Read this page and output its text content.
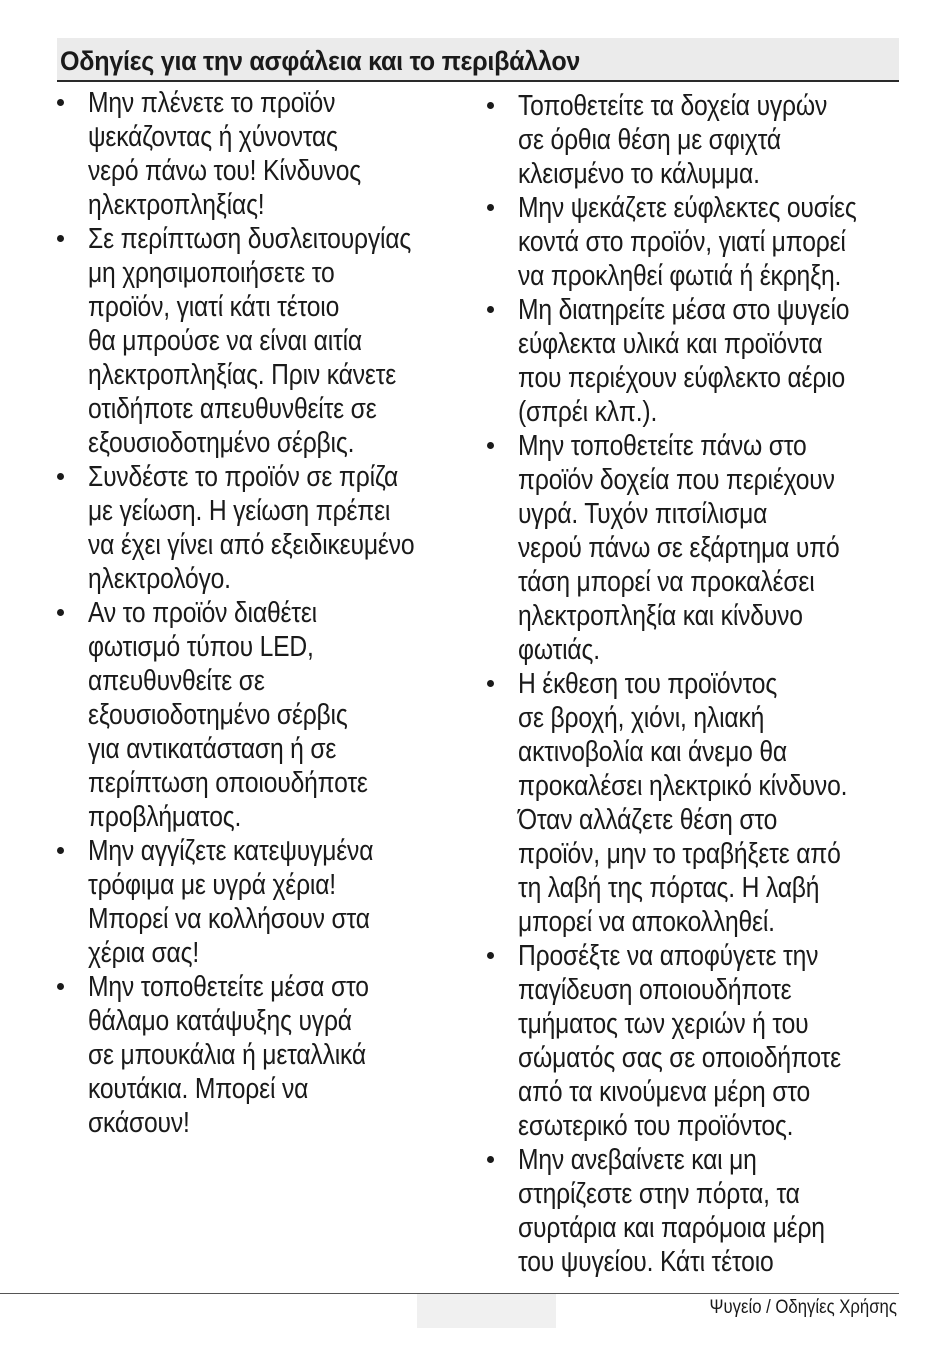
Οδηγίες για την ασφάλεια και το περιβάλλον
Μην πλένετε το προϊόν
ψεκάζοντας ή χύνοντας
νερό πάνω του! Κίνδυνος
ηλεκτροπληξίας!
Σε περίπτωση δυσλειτουργίας
μη χρησιμοποιήσετε το
προϊόν, γιατί κάτι τέτοιο
θα μπρούσε να είναι αιτία
ηλεκτροπληξίας. Πριν κάνετε
οτιδήποτε απευθυνθείτε σε
εξουσιοδοτημένο σέρβις.
Συνδέστε το προϊόν σε πρίζα
με γείωση. Η γείωση πρέπει
να έχει γίνει από εξειδικευμένο
ηλεκτρολόγο.
Αν το προϊόν διαθέτει
φωτισμό τύπου LED,
απευθυνθείτε σε
εξουσιοδοτημένο σέρβις
για αντικατάσταση ή σε
περίπτωση οποιουδήποτε
προβλήματος.
Μην αγγίζετε κατεψυγμένα
τρόφιμα με υγρά χέρια!
Μπορεί να κολλήσουν στα
χέρια σας!
Μην τοποθετείτε μέσα στο
θάλαμο κατάψυξης υγρά
σε μπουκάλια ή μεταλλικά
κουτάκια. Μπορεί να
σκάσουν!
Τοποθετείτε τα δοχεία υγρών
σε όρθια θέση με σφιχτά
κλεισμένο το κάλυμμα.
Μην ψεκάζετε εύφλεκτες ουσίες
κοντά στο προϊόν, γιατί μπορεί
να προκληθεί φωτιά ή έκρηξη.
Μη διατηρείτε μέσα στο ψυγείο
εύφλεκτα υλικά και προϊόντα
που περιέχουν εύφλεκτο αέριο
(σπρέι κλπ.).
Μην τοποθετείτε πάνω στο
προϊόν δοχεία που περιέχουν
υγρά. Τυχόν πιτσίλισμα
νερού πάνω σε εξάρτημα υπό
τάση μπορεί να προκαλέσει
ηλεκτροπληξία και κίνδυνο
φωτιάς.
Η έκθεση του προϊόντος
σε βροχή, χιόνι, ηλιακή
ακτινοβολία και άνεμο θα
προκαλέσει ηλεκτρικό κίνδυνο.
Όταν αλλάζετε θέση στο
προϊόν, μην το τραβήξετε από
τη λαβή της πόρτας. Η λαβή
μπορεί να αποκολληθεί.
Προσέξτε να αποφύγετε την
παγίδευση οποιουδήποτε
τμήματος των χεριών ή του
σώματός σας σε οποιοδήποτε
από τα κινούμενα μέρη στο
εσωτερικό του προϊόντος.
Μην ανεβαίνετε και μη
στηρίζεστε στην πόρτα, τα
συρτάρια και παρόμοια μέρη
του ψυγείου. Κάτι τέτοιο
Ψυγείο / Οδηγίες Χρήσης
